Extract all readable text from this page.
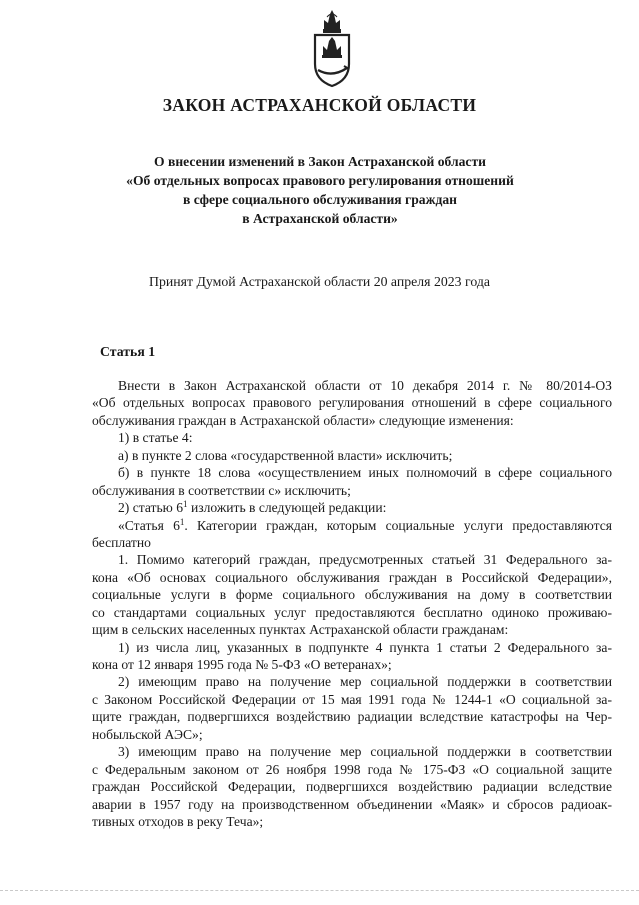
ЗАКОН АСТРАХАНСКОЙ ОБЛАСТИ
О внесении изменений в Закон Астраханской области
«Об отдельных вопросах правового регулирования отношений
в сфере социального обслуживания граждан
в Астраханской области»
Принят Думой Астраханской области 20 апреля 2023 года
Статья 1
Внести в Закон Астраханской области от 10 декабря 2014 г. № 80/2014-ОЗ
«Об отдельных вопросах правового регулирования отношений в сфере социального
обслуживания граждан в Астраханской области» следующие изменения:
1) в статье 4:
а) в пункте 2 слова «государственной власти» исключить;
б) в пункте 18 слова «осуществлением иных полномочий в сфере социального
обслуживания в соответствии с» исключить;
2) статью $6^1$ изложить в следующей редакции:
«Статья $6^1$. Категории граждан, которым социальные услуги предоставляются
бесплатно
1. Помимо категорий граждан, предусмотренных статьей 31 Федерального за-
кона «Об основах социального обслуживания граждан в Российской Федерации»,
социальные услуги в форме социального обслуживания на дому в соответствии
со стандартами социальных услуг предоставляются бесплатно одиноко проживаю-
щим в сельских населенных пунктах Астраханской области гражданам:
1) из числа лиц, указанных в подпункте 4 пункта 1 статьи 2 Федерального за-
кона от 12 января 1995 года № 5-ФЗ «О ветеранах»;
2) имеющим право на получение мер социальной поддержки в соответствии
с Законом Российской Федерации от 15 мая 1991 года № 1244-1 «О социальной за-
щите граждан, подвергшихся воздействию радиации вследствие катастрофы на Чер-
нобыльской АЭС»;
3) имеющим право на получение мер социальной поддержки в соответствии
с Федеральным законом от 26 ноября 1998 года № 175-ФЗ «О социальной защите
граждан Российской Федерации, подвергшихся воздействию радиации вследствие
аварии в 1957 году на производственном объединении «Маяк» и сбросов радиоак-
тивных отходов в реку Теча»;
